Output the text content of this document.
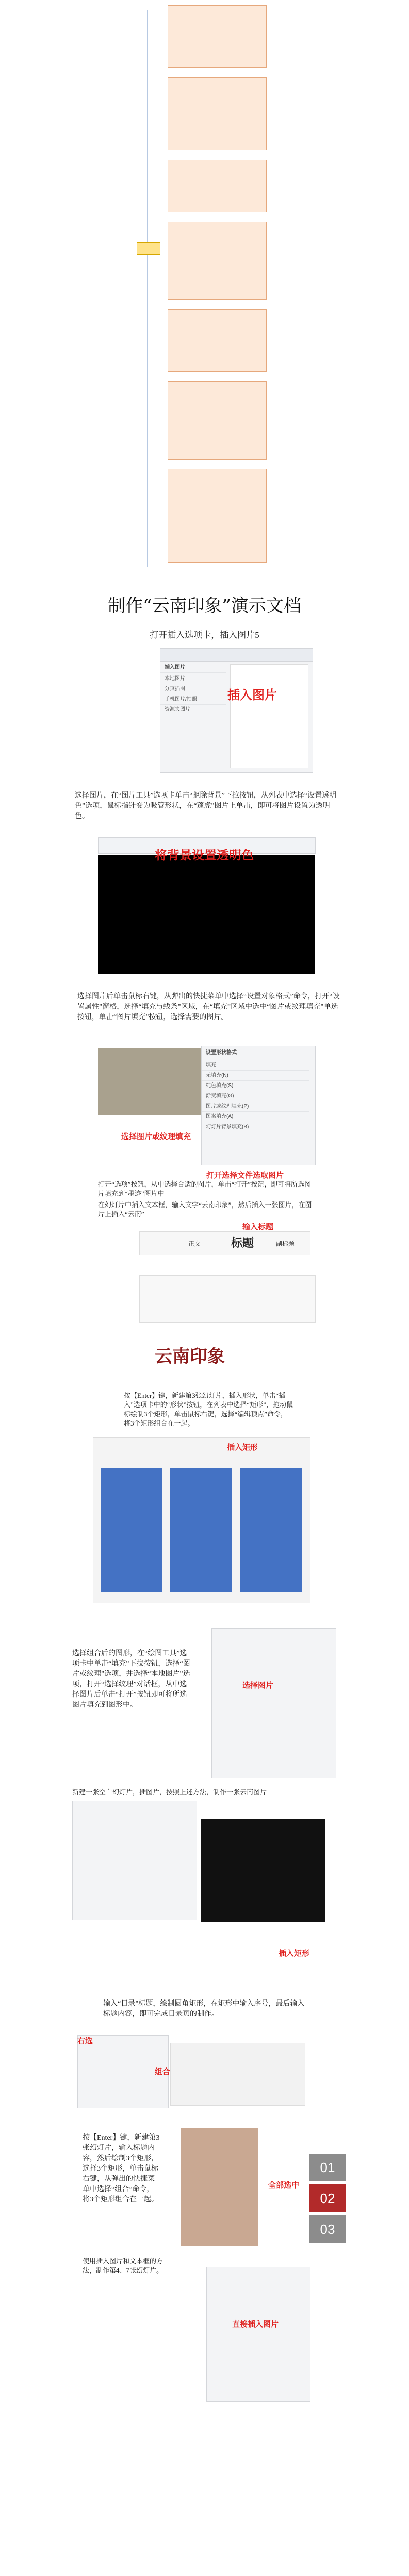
制作“云南印象”演示文档
打开插入选项卡，插入图片5
插入图片
本地图片
分页插图
手机图片/拍照
资源夹图片
插入图片
选择图片，在“图片工具”选项卡单击“抠除背景”下拉按钮，从列表中选择“设置透明色”选项，鼠标指针变为吸管形状，在“蓬虎”图片上单击，即可将图片设置为透明色。
将背景设置透明色
选择图片后单击鼠标右键，从弹出的快捷菜单中选择“设置对象格式”命令，打开“设置属性”窗格，选择“填充与线条”区域，在“填充”区域中选中“图片或纹理填充”单选按钮，单击“图片填充”按钮，选择需要的图片。
设置形状格式
填充
无填充(N)
纯色填充(S)
渐变填充(G)
图片或纹理填充(P)
图案填充(A)
幻灯片背景填充(B)
选择图片或纹理填充
打开选择文件选取图片
打开“选项”按钮，从中选择合适的图片，单击“打开”按钮，即可将所选图片填充到“墨迹”图片中
在幻灯片中插入文本框，输入文字“云南印象”，然后插入一张图片，在图片上插入“云南”
输入标题
正文	标题	副标题
云南印象
按【Enter】键，新建第3张幻灯片，插入形状，单击“插入”选项卡中的“形状”按钮，在列表中选择“矩形”，拖动鼠标绘制3个矩形，单击鼠标右键，选择“编辑顶点”命令，将3个矩形组合在一起。
插入矩形
选择组合后的图形，在“绘图工具”选项卡中单击“填充”下拉按钮，选择“图片或纹理”选项，并选择“本地图片”选项，打开“选择纹理”对话框，从中选择图片后单击“打开”按钮即可将所选图片填充到图形中。
选择图片
新建一张空白幻灯片，插图片，按照上述方法，制作一张云南图片
插入矩形
输入“目录”标题，绘制圆角矩形，在矩形中输入序号，最后输入标题内容，即可完成目录页的制作。
右选
组合
按【Enter】键，新建第3张幻灯片，输入标题内容，然后绘制3个矩形，选择3个矩形，单击鼠标右键，从弹出的快捷菜单中选择“组合”命令，将3个矩形组合在一起。
全部选中
01
02
03
使用插入图片和文本框的方法，制作第4、7张幻灯片。
直接插入图片
